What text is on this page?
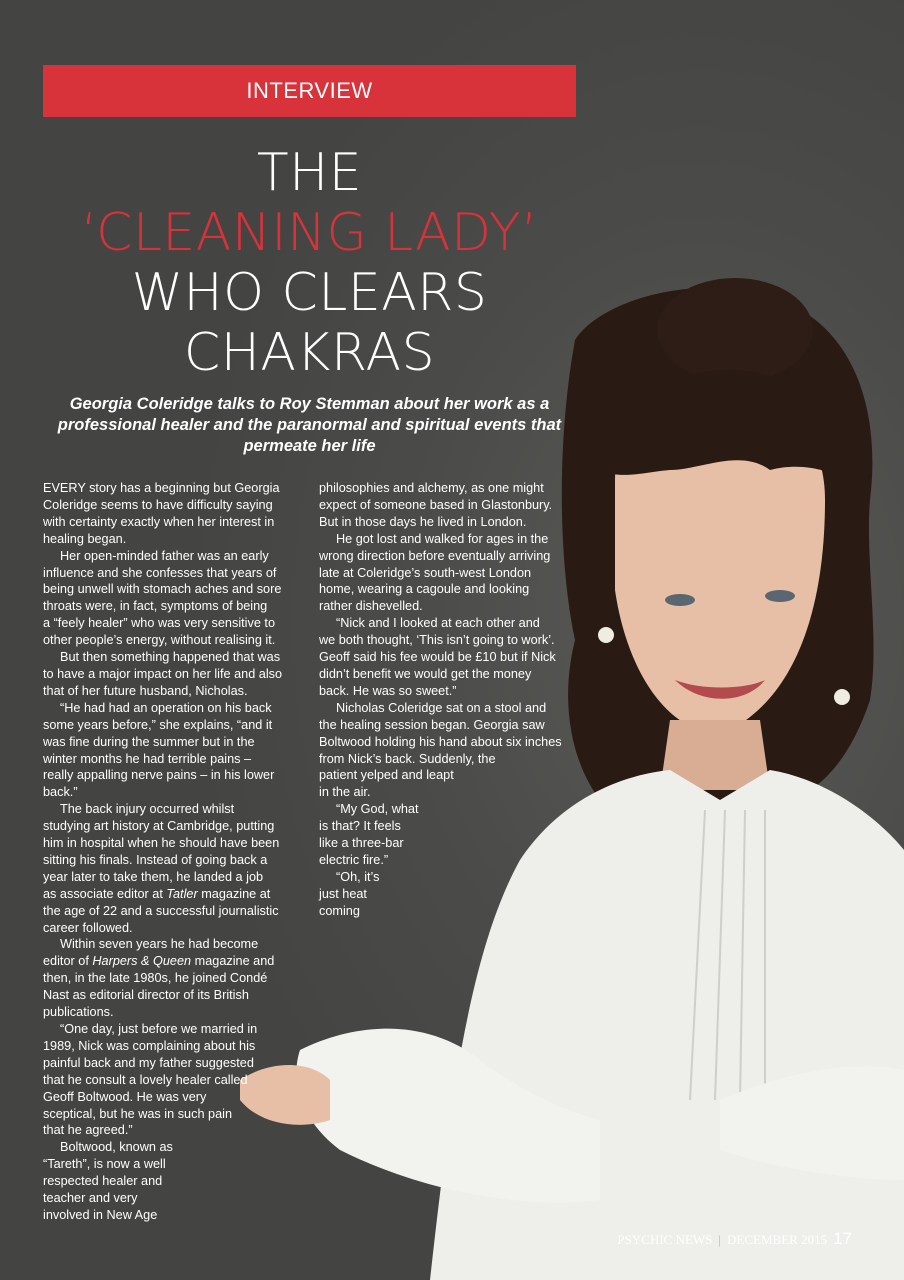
INTERVIEW
THE
‘CLEANING LADY’
WHO CLEARS
CHAKRAS
Georgia Coleridge talks to Roy Stemman about her work as a
professional healer and the paranormal and spiritual events that
permeate her life

EVERY story has a beginning but Georgia

Coleridge seems to have difficulty saying

with certainty exactly when her interest in

healing began.

Her open-minded father was an early

influence and she confesses that years of

being unwell with stomach aches and sore

throats were, in fact, symptoms of being

a “feely healer” who was very sensitive to

other people’s energy, without realising it.

But then something happened that was

to have a major impact on her life and also

that of her future husband, Nicholas.

“He had had an operation on his back

some years before,” she explains, “and it

was fine during the summer but in the

winter months he had terrible pains –

really appalling nerve pains – in his lower

back.”

The back injury occurred whilst

studying art history at Cambridge, putting

him in hospital when he should have been

sitting his finals. Instead of going back a

year later to take them, he landed a job

as associate editor at Tatler magazine at

the age of 22 and a successful journalistic

career followed.

Within seven years he had become

editor of Harpers & Queen magazine and

then, in the late 1980s, he joined Condé

Nast as editorial director of its British

publications.

“One day, just before we married in

1989, Nick was complaining about his

painful back and my father suggested

that he consult a lovely healer called

Geoff Boltwood. He was very

sceptical, but he was in such pain

that he agreed.”

Boltwood, known as

“Tareth”, is now a well

respected healer and

teacher and very

involved in New Age

philosophies and alchemy, as one might

expect of someone based in Glastonbury.

But in those days he lived in London.

He got lost and walked for ages in the

wrong direction before eventually arriving

late at Coleridge’s south-west London

home, wearing a cagoule and looking

rather dishevelled.

“Nick and I looked at each other and

we both thought, ‘This isn’t going to work’.

Geoff said his fee would be £10 but if Nick

didn’t benefit we would get the money

back. He was so sweet.”

Nicholas Coleridge sat on a stool and

the healing session began. Georgia saw

Boltwood holding his hand about six inches

from Nick’s back. Suddenly, the

patient yelped and leapt

in the air.

“My God, what

is that? It feels

like a three-bar

electric fire.”

“Oh, it’s

just heat

coming

PSYCHIC NEWS | DECEMBER 2015 17
